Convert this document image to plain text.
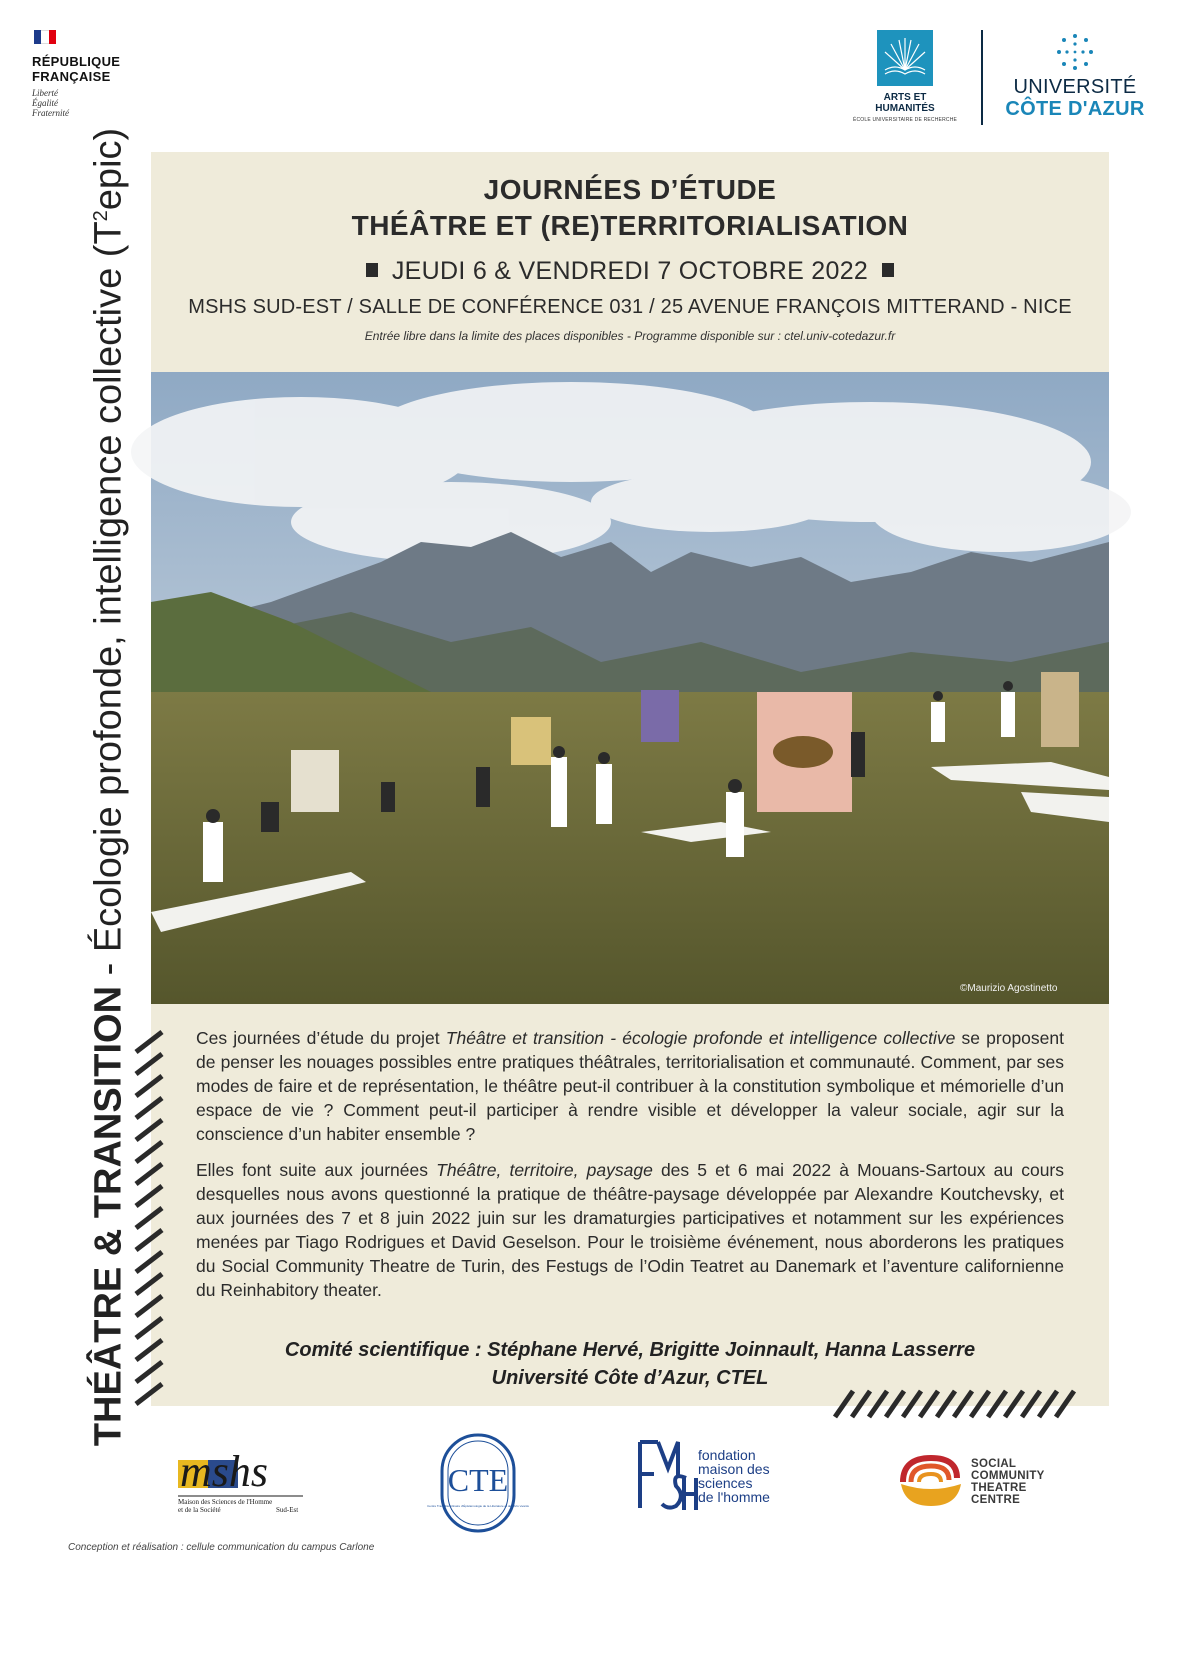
RÉPUBLIQUE
FRANÇAISE
Liberté
Égalité
Fraternité
ARTS ET
HUMANITÉS
ÉCOLE UNIVERSITAIRE DE RECHERCHE
UNIVERSITÉ
CÔTE D'AZUR
JOURNÉES D’ÉTUDE
THÉÂTRE ET (RE)TERRITORIALISATION
JEUDI 6 & VENDREDI 7 OCTOBRE 2022
MSHS SUD-EST / SALLE DE CONFÉRENCE 031 / 25 AVENUE FRANÇOIS MITTERAND - NICE
Entrée libre dans la limite des places disponibles - Programme disponible sur : ctel.univ-cotedazur.fr
©Maurizio Agostinetto
THÉÂTRE & TRANSITION - Écologie profonde, intelligence collective $(T^2epic)$

Ces journées d’étude du projet Théâtre et transition - écologie profonde et intelligence collective se proposent de penser les nouages possibles entre pratiques théâtrales, territorialisation et communauté. Comment, par ses modes de faire et de représentation, le théâtre peut-il contribuer à la constitution symbolique et mémorielle d’un espace de vie ? Comment peut-il participer à rendre visible et développer la valeur sociale, agir sur la conscience d’un habiter ensemble ?

Elles font suite aux journées Théâtre, territoire, paysage des 5 et 6 mai 2022 à Mouans-Sartoux au cours desquelles nous avons questionné la pratique de théâtre-paysage développée par Alexandre Koutchevsky, et aux journées des 7 et 8 juin 2022 juin sur les dramaturgies participatives et notamment sur les expériences menées par Tiago Rodrigues et David Geselson. Pour le troisième événement, nous aborderons les pratiques du Social Community Theatre de Turin, des Festugs de l’Odin Teatret au Danemark et l’aventure californienne du Reinhabitory theater.

Comité scientifique : Stéphane Hervé, Brigitte Joinnault, Hanna Lasserre
Université Côte d’Azur, CTEL
mshs
Maison des Sciences de l'Homme
et de la Société	Sud-Est
CTE
Centre Transdisciplinaire d'Épistémologie de la Littérature et des Arts vivants
FMSH
fondation
maison des
sciences
de l'homme
SOCIAL
COMMUNITY
THEATRE
CENTRE
Conception et réalisation : cellule communication du campus Carlone
